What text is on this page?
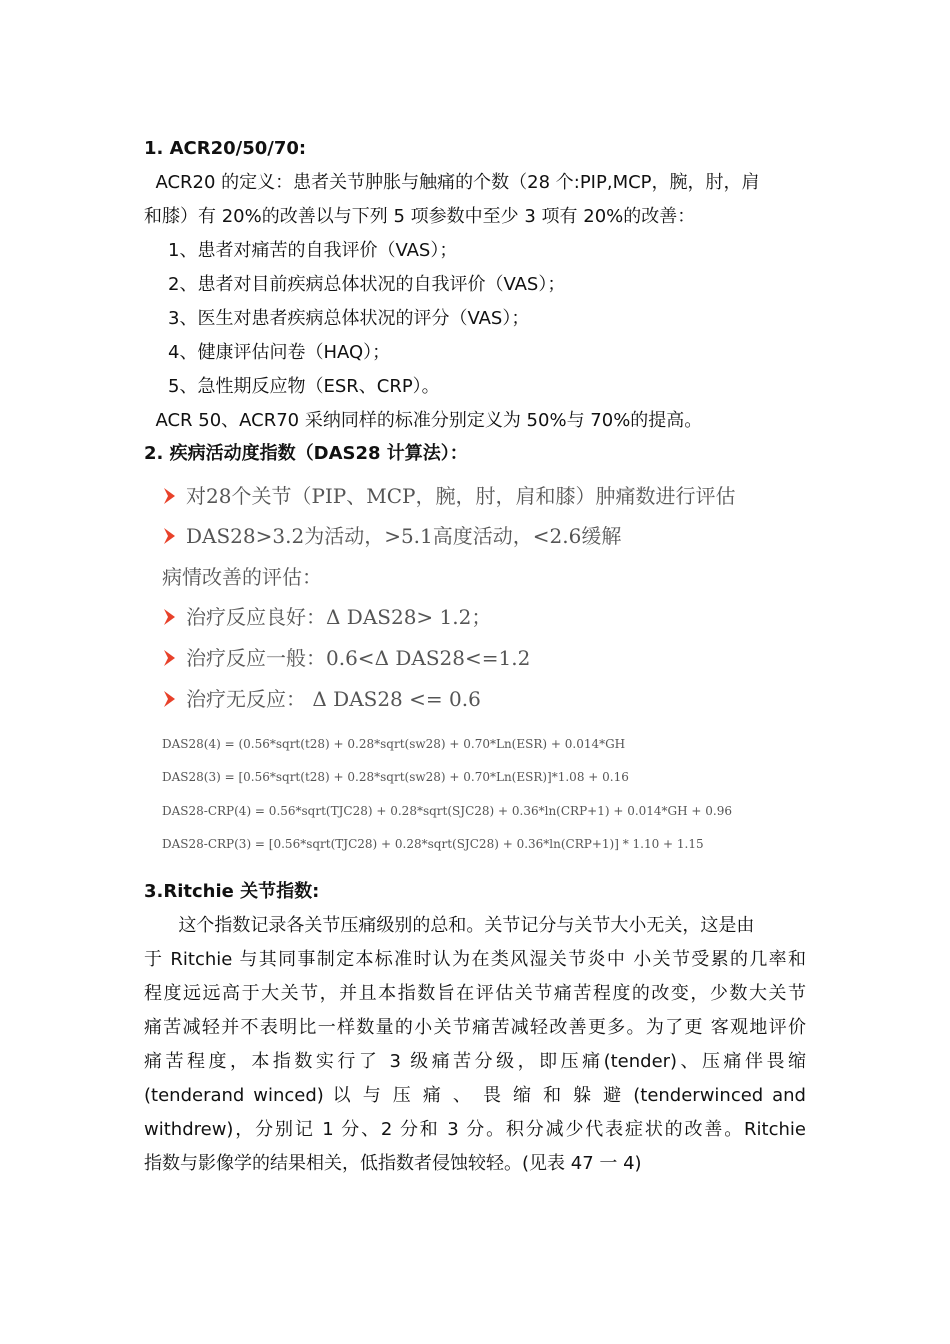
1. ACR20/50/70:
ACR20 的定义：患者关节肿胀与触痛的个数（28 个:PIP,MCP，腕，肘，肩
和膝）有 20%的改善以与下列 5 项参数中至少 3 项有 20%的改善：
1、患者对痛苦的自我评价（VAS）；
2、患者对目前疾病总体状况的自我评价（VAS）；
3、医生对患者疾病总体状况的评分（VAS）；
4、健康评估问卷（HAQ）；
5、急性期反应物（ESR、CRP）。
ACR 50、ACR70 采纳同样的标准分别定义为 50%与 70%的提高。
2. 疾病活动度指数（DAS28 计算法）：
对28个关节（PIP、MCP，腕，肘，肩和膝）肿痛数进行评估
DAS28>3.2为活动，>5.1高度活动，<2.6缓解
病情改善的评估：
治疗反应良好：Δ DAS28> 1.2；
治疗反应一般：0.6<Δ DAS28<=1.2
治疗无反应： Δ DAS28 <= 0.6
DAS28(4) = (0.56*sqrt(t28) + 0.28*sqrt(sw28) + 0.70*Ln(ESR) + 0.014*GH
DAS28(3) = [0.56*sqrt(t28) + 0.28*sqrt(sw28) + 0.70*Ln(ESR)]*1.08 + 0.16
DAS28-CRP(4) = 0.56*sqrt(TJC28) + 0.28*sqrt(SJC28) + 0.36*ln(CRP+1) + 0.014*GH + 0.96
DAS28-CRP(3) = [0.56*sqrt(TJC28) + 0.28*sqrt(SJC28) + 0.36*ln(CRP+1)] * 1.10 + 1.15
3.Ritchie 关节指数:
这个指数记录各关节压痛级别的总和。关节记分与关节大小无关，这是由
于 Ritchie 与其同事制定本标准时认为在类风湿关节炎中 小关节受累的几率和
程度远远高于大关节，并且本指数旨在评估关节痛苦程度的改变，少数大关节
痛苦减轻并不表明比一样数量的小关节痛苦减轻改善更多。为了更 客观地评价
痛苦程度，本指数实行了 3 级痛苦分级，即压痛(tender)、压痛伴畏缩
(tenderand winced) 以 与 压 痛 、 畏 缩 和 躲 避 (tenderwinced and
withdrew)，分别记 1 分、2 分和 3 分。积分减少代表症状的改善。Ritchie
指数与影像学的结果相关，低指数者侵蚀较轻。(见表 47 一 4)
